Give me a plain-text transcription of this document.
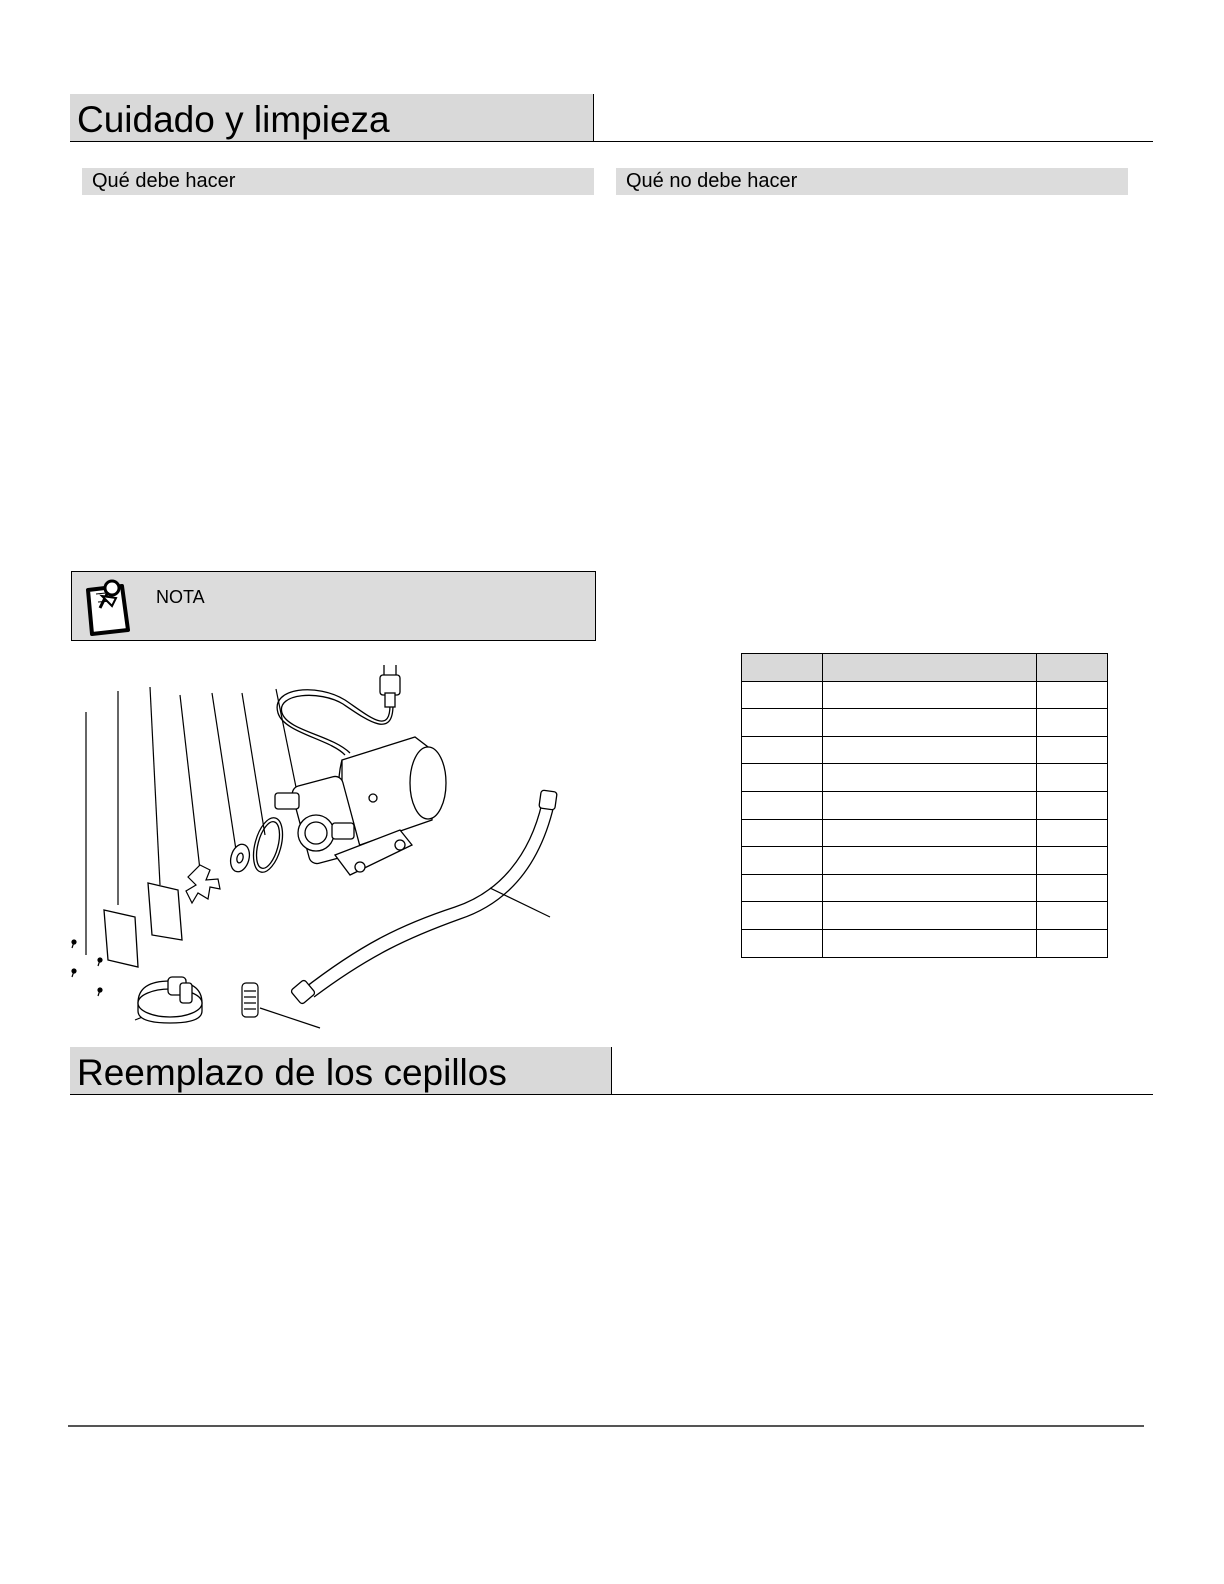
Cuidado y limpieza
Qué debe hacer	Qué no debe hacer
NOTA

Reemplazo de los cepillos
